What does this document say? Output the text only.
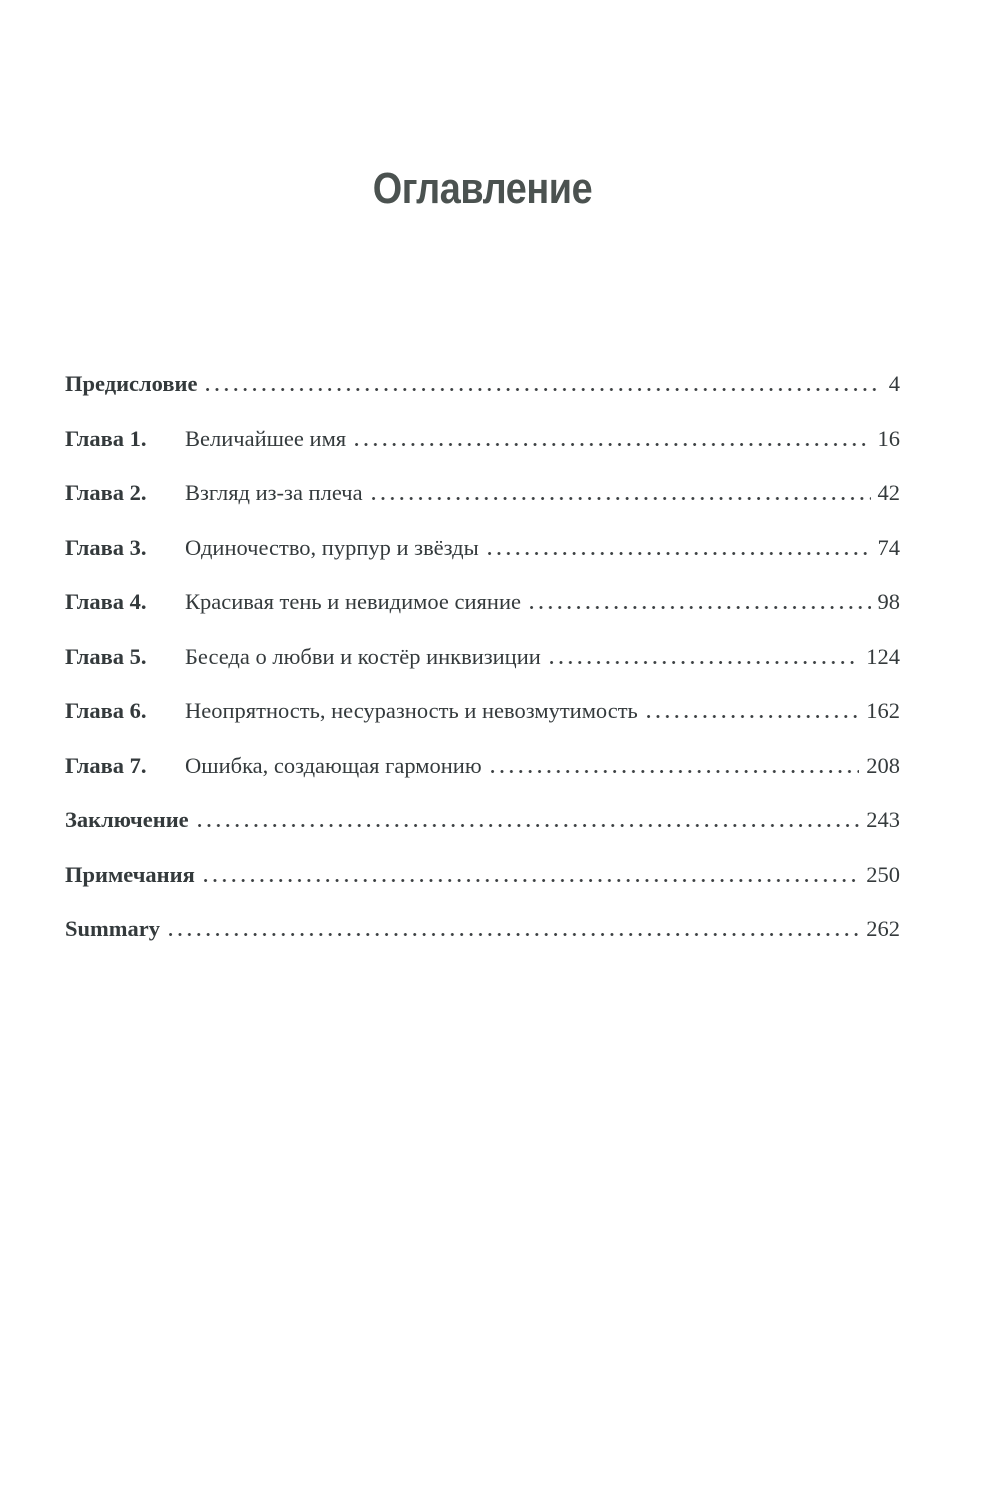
Оглавление
Предисловие	4
Глава 1.	Величайшее имя	16
Глава 2.	Взгляд из-за плеча	42
Глава 3.	Одиночество, пурпур и звёзды	74
Глава 4.	Красивая тень и невидимое сияние	98
Глава 5.	Беседа о любви и костёр инквизиции	124
Глава 6.	Неопрятность, несуразность и невозмутимость	162
Глава 7.	Ошибка, создающая гармонию	208
Заключение	243
Примечания	250
Summary	262
